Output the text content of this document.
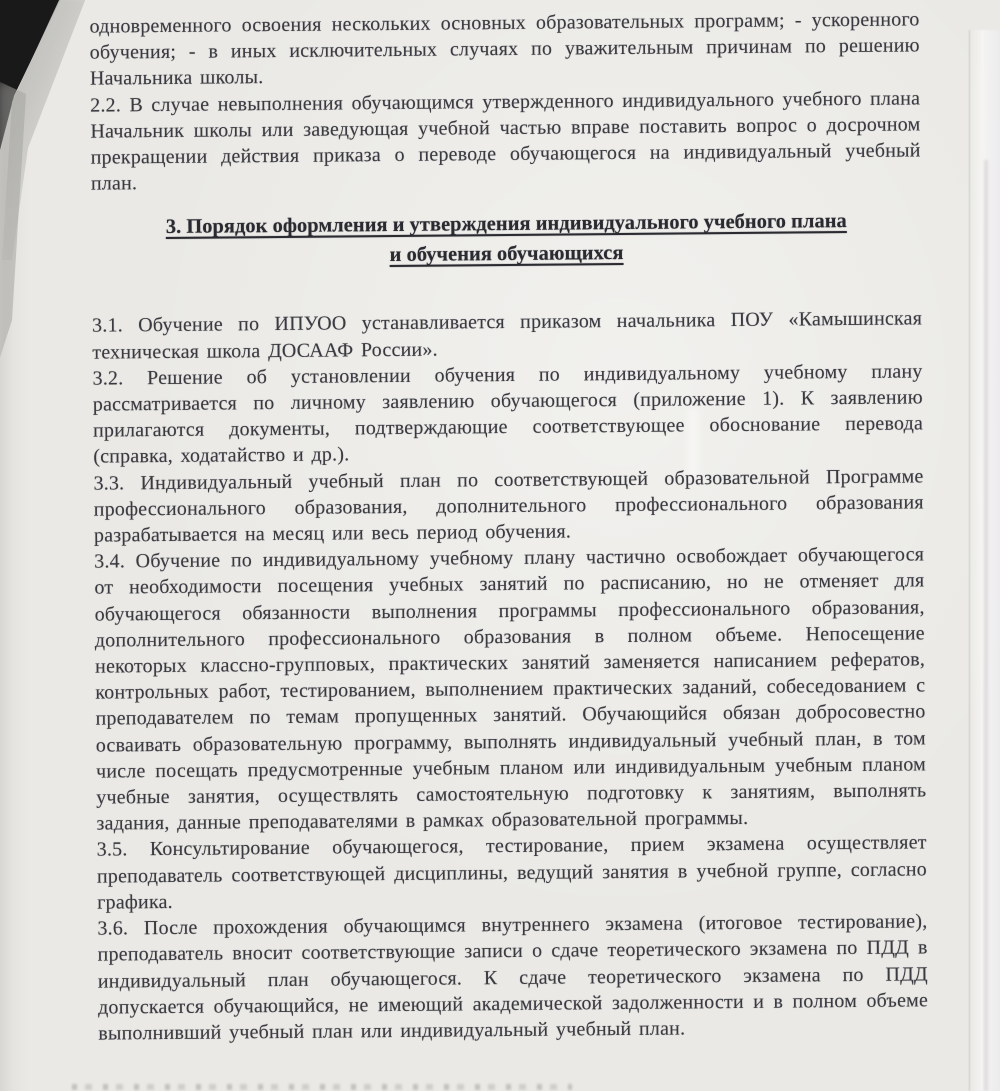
одновременного освоения нескольких основных образовательных программ; - ускоренного обучения; - в иных исключительных случаях по уважительным причинам по решению Начальника школы.

2.2. В случае невыполнения обучающимся утвержденного индивидуального учебного плана Начальник школы или заведующая учебной частью вправе поставить вопрос о досрочном прекращении действия приказа о переводе обучающегося на индивидуальный учебный план.

3. Порядок оформления и утверждения индивидуального учебного плана
и обучения обучающихся

3.1. Обучение по ИПУОО устанавливается приказом начальника ПОУ «Камышинская техническая школа ДОСААФ России».

3.2. Решение об установлении обучения по индивидуальному учебному плану рассматривается по личному заявлению обучающегося (приложение 1). К заявлению прилагаются документы, подтверждающие соответствующее обоснование перевода (справка, ходатайство и др.).

3.3. Индивидуальный учебный план по соответствующей образовательной Программе профессионального образования, дополнительного профессионального образования разрабатывается на месяц или весь период обучения.

3.4. Обучение по индивидуальному учебному плану частично освобождает обучающегося от необходимости посещения учебных занятий по расписанию, но не отменяет для обучающегося обязанности выполнения программы профессионального образования, дополнительного профессионального образования в полном объеме. Непосещение некоторых классно-групповых, практических занятий заменяется написанием рефератов, контрольных работ, тестированием, выполнением практических заданий, собеседованием с преподавателем по темам пропущенных занятий. Обучающийся обязан добросовестно осваивать образовательную программу, выполнять индивидуальный учебный план, в том числе посещать предусмотренные учебным планом или индивидуальным учебным планом учебные занятия, осуществлять самостоятельную подготовку к занятиям, выполнять задания, данные преподавателями в рамках образовательной программы.

3.5. Консультирование обучающегося, тестирование, прием экзамена осуществляет преподаватель соответствующей дисциплины, ведущий занятия в учебной группе, согласно графика.

3.6. После прохождения обучающимся внутреннего экзамена (итоговое тестирование), преподаватель вносит соответствующие записи о сдаче теоретического экзамена по ПДД в индивидуальный план обучающегося. К сдаче теоретического экзамена по ПДД допускается обучающийся, не имеющий академической задолженности и в полном объеме выполнивший учебный план или индивидуальный учебный план.
